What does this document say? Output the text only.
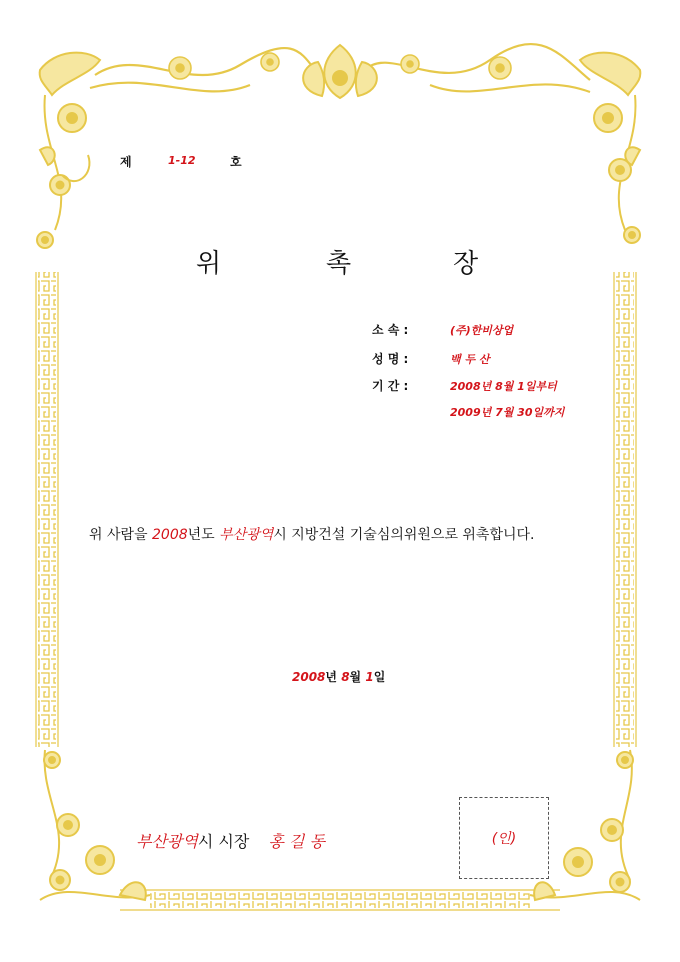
제	1-12	호
위	촉	장
소 속 :	(주)한비상업
성 명 :	백 두 산
기 간 :	2008년 8월 1일부터
2009년 7월 30일까지
위 사람을 2008년도 부산광역시 지방건설 기술심의위원으로 위촉합니다.
2008년 8월 1일
부산광역시 시장 홍 길 동	(인)
